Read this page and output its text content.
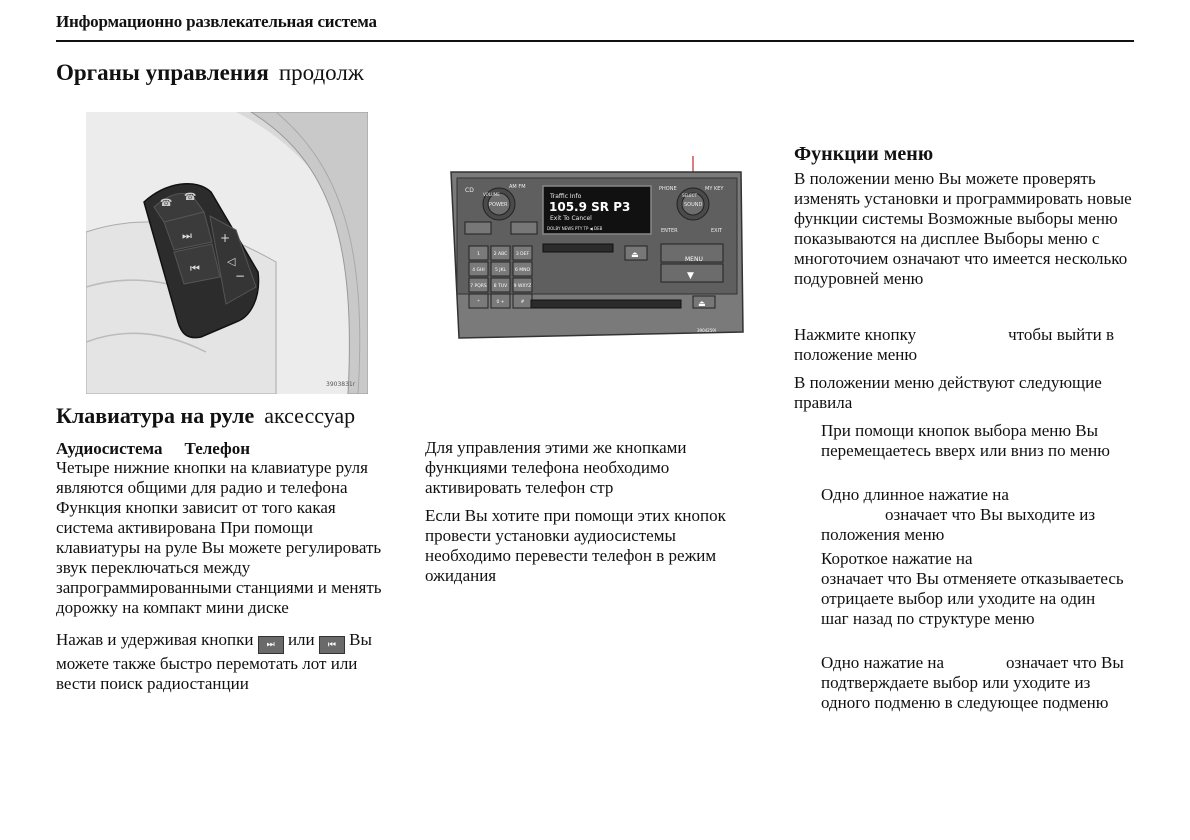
Информационно развлекательная система
Органы управления продолж
⏭
⏮
+
◁
−
☎
☎
3903831r
CD	AM FM
POWER
VOLUME	Traffic Info
105.9 SR P3
Exit To Cancel
DOLBY NEWS PTY TP ◀ DEB
PHONE	MY KEY
SELECT
SOUND
ENTER	EXIT
MENU
▼
1	2 ABC 3 DEF
4 GHI 5 JKL 6 MNO
7 PQRS 8 TUV 9 WXYZ
*	0 +	#	⏏
⏏
3904259l
Клавиатура на руле аксессуар
Аудиосистема Телефон
Четыре нижние кнопки на клавиатуре руля являются общими для радио и телефона Функция кнопки зависит от того какая система активирована При помощи клавиатуры на руле Вы можете регулировать звук переключаться между запрограммированными станциями и менять дорожку на компакт мини диске
Нажав и удерживая кнопки ⏭ или ⏮ Вы можете также быстро перемотать лот или вести поиск радиостанции
Для управления этими же кнопками функциями телефона необходимо активировать телефон стр
Если Вы хотите при помощи этих кнопок провести установки аудиосистемы необходимо перевести телефон в режим ожидания
Функции меню
В положении меню Вы можете проверять изменять установки и программировать новые функции системы Возможные выборы меню показываются на дисплее Выборы меню с многоточием означают что имеется несколько подуровней меню
Нажмите кнопку	чтобы выйти в положение меню
В положении меню действуют следующие правила
При помощи кнопок выбора меню Вы перемещаетесь вверх или вниз по меню
Одно длинное нажатие на
означает что Вы выходите из положения меню
Короткое нажатие на
означает что Вы отменяете отказываетесь отрицаете выбор или уходите на один шаг назад по структуре меню
Одно нажатие на	означает что Вы подтверждаете выбор или уходите из одного подменю в следующее подменю
